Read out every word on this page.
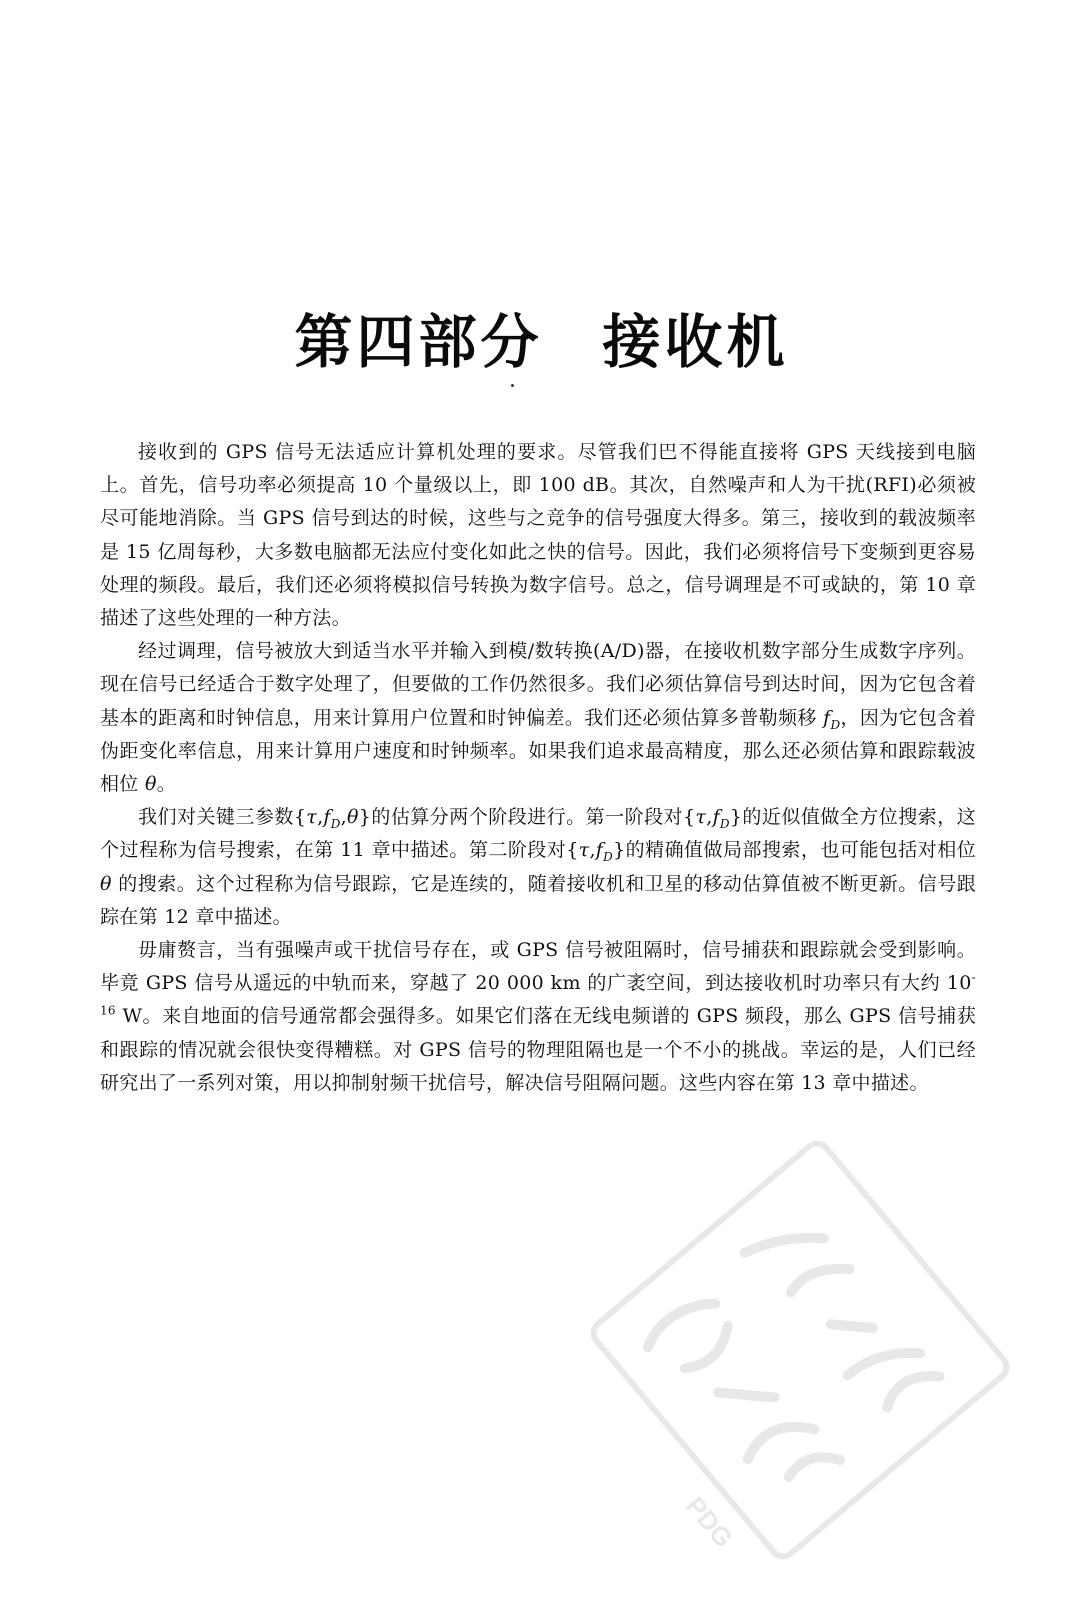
第四部分 接收机

接收到的 GPS 信号无法适应计算机处理的要求。尽管我们巴不得能直接将 GPS 天线接到电脑上。首先，信号功率必须提高 10 个量级以上，即 100 dB。其次，自然噪声和人为干扰(RFI)必须被尽可能地消除。当 GPS 信号到达的时候，这些与之竞争的信号强度大得多。第三，接收到的载波频率是 15 亿周每秒，大多数电脑都无法应付变化如此之快的信号。因此，我们必须将信号下变频到更容易处理的频段。最后，我们还必须将模拟信号转换为数字信号。总之，信号调理是不可或缺的，第 10 章描述了这些处理的一种方法。

经过调理，信号被放大到适当水平并输入到模/数转换(A/D)器，在接收机数字部分生成数字序列。现在信号已经适合于数字处理了，但要做的工作仍然很多。我们必须估算信号到达时间，因为它包含着基本的距离和时钟信息，用来计算用户位置和时钟偏差。我们还必须估算多普勒频移 $f_D$，因为它包含着伪距变化率信息，用来计算用户速度和时钟频率。如果我们追求最高精度，那么还必须估算和跟踪载波相位 θ。

我们对关键三参数$\{\tau,f_D,\theta\}$的估算分两个阶段进行。第一阶段对$\{\tau,f_D\}$的近似值做全方位搜索，这个过程称为信号搜索，在第 11 章中描述。第二阶段对$\{\tau,f_D\}$的精确值做局部搜索，也可能包括对相位 θ 的搜索。这个过程称为信号跟踪，它是连续的，随着接收机和卫星的移动估算值被不断更新。信号跟踪在第 12 章中描述。

毋庸赘言，当有强噪声或干扰信号存在，或 GPS 信号被阻隔时，信号捕获和跟踪就会受到影响。毕竟 GPS 信号从遥远的中轨而来，穿越了 20 000 km 的广袤空间，到达接收机时功率只有大约 $10^{-16}$ W。来自地面的信号通常都会强得多。如果它们落在无线电频谱的 GPS 频段，那么 GPS 信号捕获和跟踪的情况就会很快变得糟糕。对 GPS 信号的物理阻隔也是一个不小的挑战。幸运的是，人们已经研究出了一系列对策，用以抑制射频干扰信号，解决信号阻隔问题。这些内容在第 13 章中描述。

PDG
